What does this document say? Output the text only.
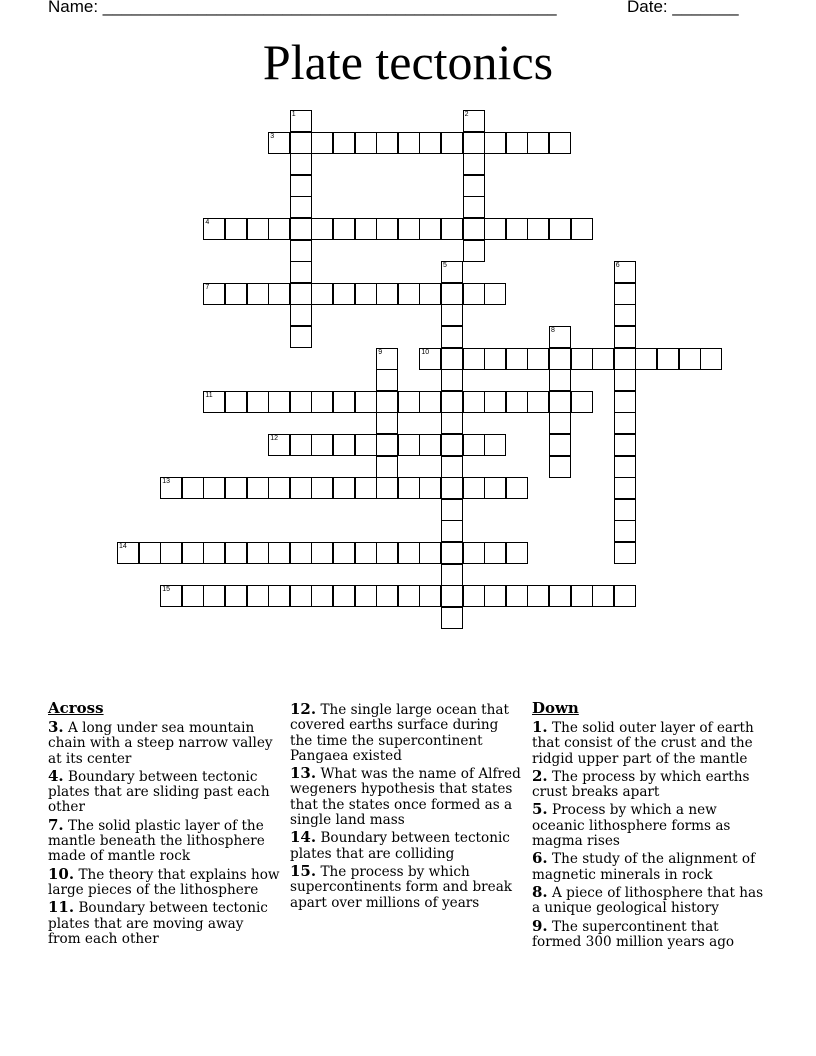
Name: ________________________________________________	Date: _______
Plate tectonics
1	2
3
4
5	6
7
8
9	10
11
12
13
14
15
Across
3. A long under sea mountain chain with a steep narrow valley at its center
4. Boundary between tectonic plates that are sliding past each other
7. The solid plastic layer of the mantle beneath the lithosphere made of mantle rock
10. The theory that explains how large pieces of the lithosphere
11. Boundary between tectonic plates that are moving away from each other
12. The single large ocean that covered earths surface during the time the supercontinent Pangaea existed
13. What was the name of Alfred wegeners hypothesis that states that the states once formed as a single land mass
14. Boundary between tectonic plates that are colliding
15. The process by which supercontinents form and break apart over millions of years
Down
1. The solid outer layer of earth that consist of the crust and the ridgid upper part of the mantle
2. The process by which earths crust breaks apart
5. Process by which a new oceanic lithosphere forms as magma rises
6. The study of the alignment of magnetic minerals in rock
8. A piece of lithosphere that has a unique geological history
9. The supercontinent that formed 300 million years ago
